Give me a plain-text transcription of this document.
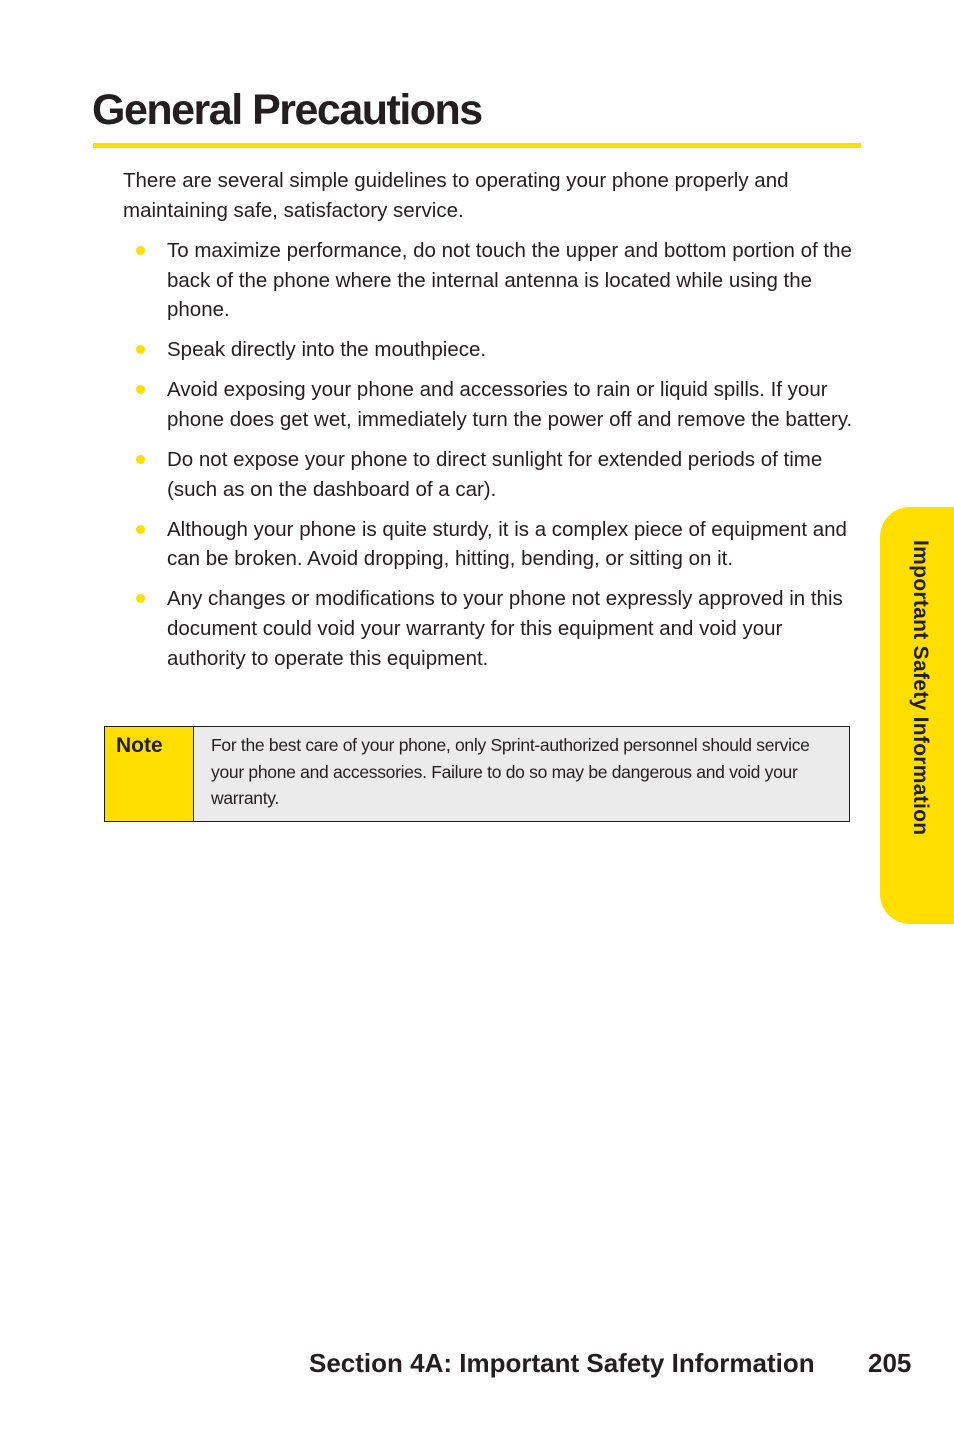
General Precautions

There are several simple guidelines to operating your phone properly and maintaining safe, satisfactory service.

To maximize performance, do not touch the upper and bottom portion of the back of the phone where the internal antenna is located while using the phone.
Speak directly into the mouthpiece.
Avoid exposing your phone and accessories to rain or liquid spills. If your phone does get wet, immediately turn the power off and remove the battery.
Do not expose your phone to direct sunlight for extended periods of time (such as on the dashboard of a car).
Although your phone is quite sturdy, it is a complex piece of equipment and can be broken. Avoid dropping, hitting, bending, or sitting on it.
Any changes or modifications to your phone not expressly approved in this document could void your warranty for this equipment and void your authority to operate this equipment.
Note	For the best care of your phone, only Sprint-authorized personnel should service your phone and accessories. Failure to do so may be dangerous and void your warranty.	Important Safety Information
Section 4A: Important Safety Information 205
